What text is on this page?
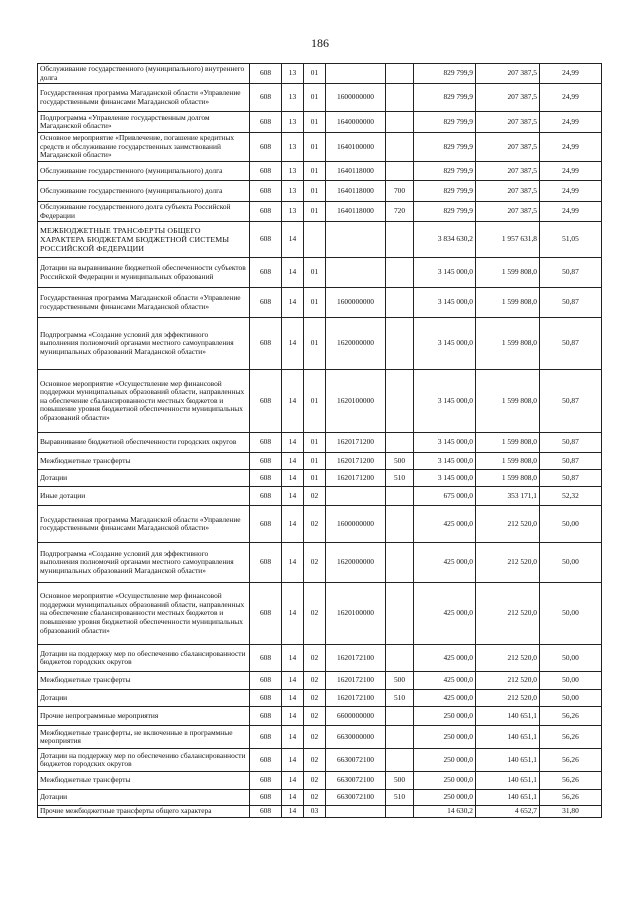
186
Обслуживание государственного (муниципального) внутреннего долга	608	13	01			829 799,9	207 387,5	24,99
Государственная программа Магаданской области «Управление государственными финансами Магаданской области»	608	13	01	1600000000		829 799,9	207 387,5	24,99
Подпрограмма «Управление государственным долгом Магаданской области»	608	13	01	1640000000		829 799,9	207 387,5	24,99
Основное мероприятие «Привлечение, погашение кредитных средств и обслуживание государственных заимствований Магаданской области»	608	13	01	1640100000		829 799,9	207 387,5	24,99
Обслуживание государственного (муниципального) долга	608	13	01	1640118000		829 799,9	207 387,5	24,99
Обслуживание государственного (муниципального) долга	608	13	01	1640118000	700	829 799,9	207 387,5	24,99
Обслуживание государственного долга субъекта Российской Федерации	608	13	01	1640118000	720	829 799,9	207 387,5	24,99
МЕЖБЮДЖЕТНЫЕ ТРАНСФЕРТЫ ОБЩЕГО ХАРАКТЕРА БЮДЖЕТАМ БЮДЖЕТНОЙ СИСТЕМЫ РОССИЙСКОЙ ФЕДЕРАЦИИ	608	14				3 834 630,2	1 957 631,8	51,05
Дотации на выравнивание бюджетной обеспеченности субъектов Российской Федерации и муниципальных образований	608	14	01			3 145 000,0	1 599 808,0	50,87
Государственная программа Магаданской области «Управление государственными финансами Магаданской области»	608	14	01	1600000000		3 145 000,0	1 599 808,0	50,87
Подпрограмма «Создание условий для эффективного выполнения полномочий органами местного самоуправления муниципальных образований Магаданской области»	608	14	01	1620000000		3 145 000,0	1 599 808,0	50,87
Основное мероприятие «Осуществление мер финансовой поддержки муниципальных образований области, направленных на обеспечение сбалансированности местных бюджетов и повышение уровня бюджетной обеспеченности муниципальных образований области»	608	14	01	1620100000		3 145 000,0	1 599 808,0	50,87
Выравнивание бюджетной обеспеченности городских округов	608	14	01	1620171200		3 145 000,0	1 599 808,0	50,87
Межбюджетные трансферты	608	14	01	1620171200	500	3 145 000,0	1 599 808,0	50,87
Дотации	608	14	01	1620171200	510	3 145 000,0	1 599 808,0	50,87
Иные дотации	608	14	02			675 000,0	353 171,1	52,32
Государственная программа Магаданской области «Управление государственными финансами Магаданской области»	608	14	02	1600000000		425 000,0	212 520,0	50,00
Подпрограмма «Создание условий для эффективного выполнения полномочий органами местного самоуправления муниципальных образований Магаданской области»	608	14	02	1620000000		425 000,0	212 520,0	50,00
Основное мероприятие «Осуществление мер финансовой поддержки муниципальных образований области, направленных на обеспечение сбалансированности местных бюджетов и повышение уровня бюджетной обеспеченности муниципальных образований области»	608	14	02	1620100000		425 000,0	212 520,0	50,00
Дотации на поддержку мер по обеспечению сбалансированности бюджетов городских округов	608	14	02	1620172100		425 000,0	212 520,0	50,00
Межбюджетные трансферты	608	14	02	1620172100	500	425 000,0	212 520,0	50,00
Дотации	608	14	02	1620172100	510	425 000,0	212 520,0	50,00
Прочие непрограммные мероприятия	608	14	02	6600000000		250 000,0	140 651,1	56,26
Межбюджетные трансферты, не включенные в программные мероприятия	608	14	02	66З0000000		250 000,0	140 651,1	56,26
Дотации на поддержку мер по обеспечению сбалансированности бюджетов городских округов	608	14	02	66З0072100		250 000,0	140 651,1	56,26
Межбюджетные трансферты	608	14	02	66З0072100	500	250 000,0	140 651,1	56,26
Дотации	608	14	02	66З0072100	510	250 000,0	140 651,1	56,26
Прочие межбюджетные трансферты общего характера	608	14	03			14 630,2	4 652,7	31,80
